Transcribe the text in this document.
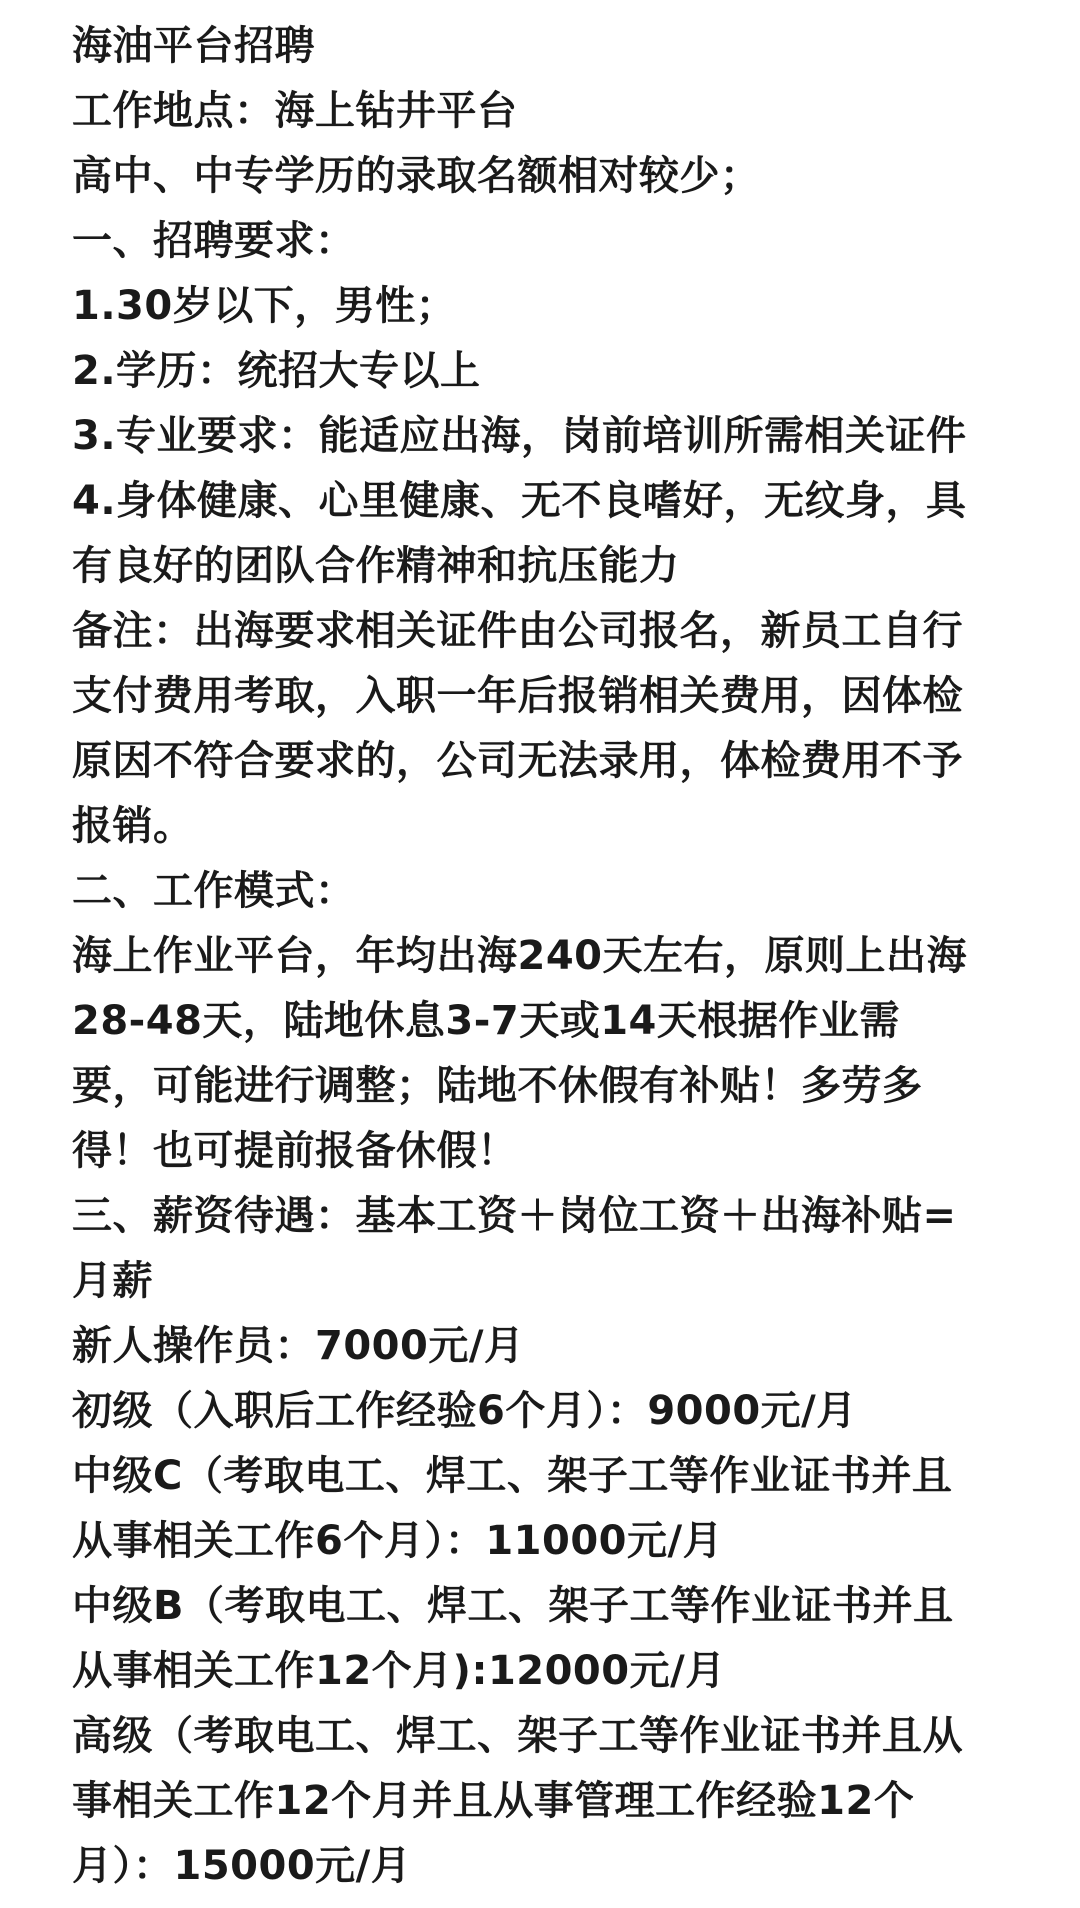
海油平台招聘
工作地点：海上钻井平台
高中、中专学历的录取名额相对较少；
一、招聘要求：
1.30岁以下，男性；
2.学历：统招大专以上
3.专业要求：能适应出海，岗前培训所需相关证件
4.身体健康、心里健康、无不良嗜好，无纹身，具
有良好的团队合作精神和抗压能力
备注：出海要求相关证件由公司报名，新员工自行
支付费用考取，入职一年后报销相关费用，因体检
原因不符合要求的，公司无法录用，体检费用不予
报销。
二、工作模式：
海上作业平台，年均出海240天左右，原则上出海
28-48天，陆地休息3-7天或14天根据作业需
要，可能进行调整；陆地不休假有补贴！多劳多
得！也可提前报备休假！
三、薪资待遇：基本工资＋岗位工资＋出海补贴=
月薪
新人操作员：7000元/月
初级（入职后工作经验6个月）：9000元/月
中级C（考取电工、焊工、架子工等作业证书并且
从事相关工作6个月）：11000元/月
中级B（考取电工、焊工、架子工等作业证书并且
从事相关工作12个月):12000元/月
高级（考取电工、焊工、架子工等作业证书并且从
事相关工作12个月并且从事管理工作经验12个
月）：15000元/月
